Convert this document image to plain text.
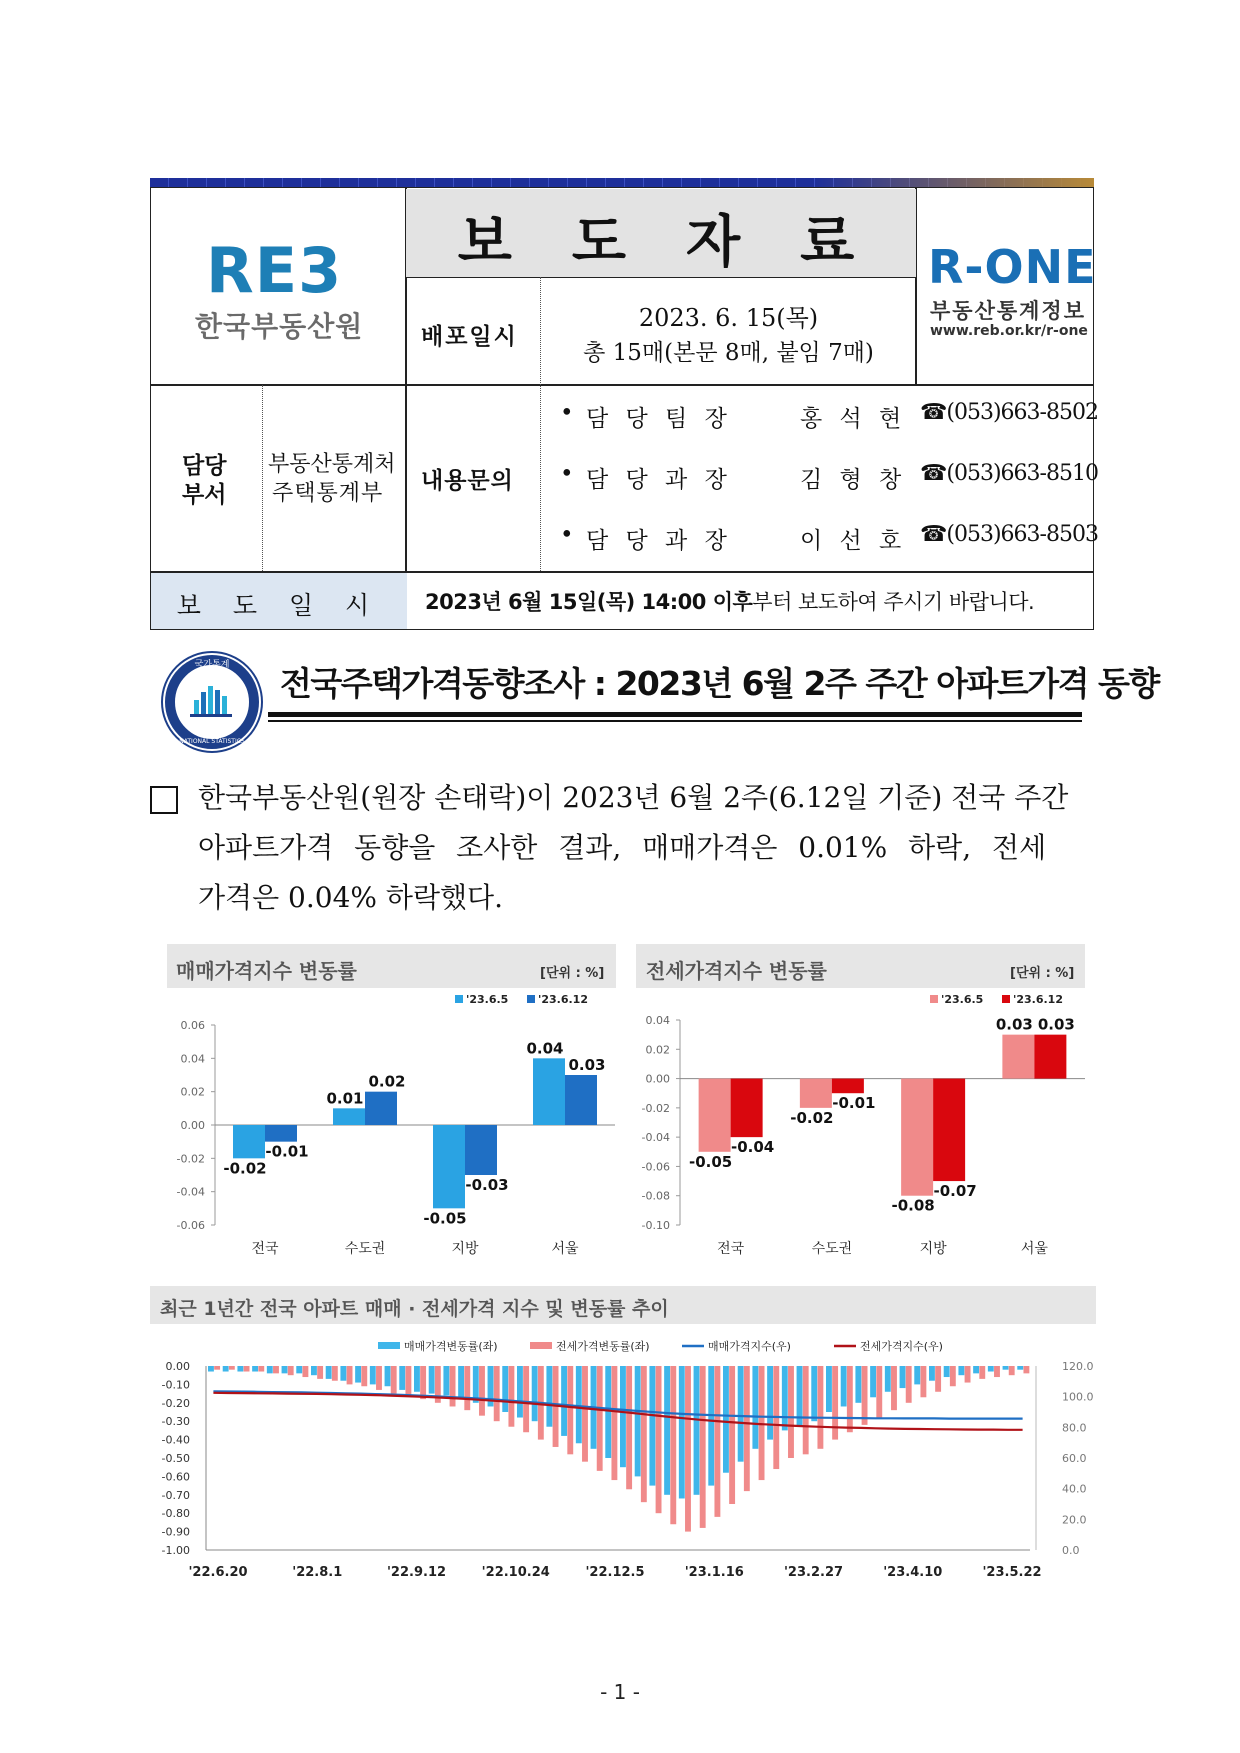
RE3
한국부동산원
보도자료 R-ONE
부동산통계정보
www.reb.or.kr/r-one
배포일시
2023. 6. 15(목)
총 15매(본문 8매, 붙임 7매)
담당
부서
부동산통계처
주택통계부 내용문의
• 담 당 팀 장	홍 석 현 ☎(053)663-8502
• 담 당 과 장	김 형 창 ☎(053)663-8510
• 담 당 과 장	이 선 호 ☎(053)663-8503
보 도 일 시	2023년 6월 15일(목) 14:00 이후부터 보도하여 주시기 바랍니다.
국가통계
NATIONAL STATISTICS
전국주택가격동향조사 : 2023년 6월 2주 주간 아파트가격 동향
한국부동산원(원장 손태락)이 2023년 6월 2주(6.12일 기준) 전국 주간
아파트가격 동향을 조사한 결과, 매매가격은 0.01% 하락, 전세
가격은 0.04% 하락했다.
매매가격지수 변동률	[단위 : %]
0.06
0.04
0.02
0.00
-0.02
-0.04
-0.06
-0.02
-0.01
전국
0.01
0.02
수도권
-0.05
-0.03
지방
0.04
0.03
서울
'23.6.5	'23.6.12
전세가격지수 변동률	[단위 : %]
0.04
0.02
0.00
-0.02
-0.04
-0.06
-0.08
-0.10
-0.05
-0.04
전국
-0.02
-0.01
수도권
-0.08
-0.07
지방
0.03 0.03
서울
'23.6.5	'23.6.12
최근 1년간 전국 아파트 매매 · 전세가격 지수 및 변동률 추이
매매가격변동률(좌)	전세가격변동률(좌)	매매가격지수(우)	전세가격지수(우)
0.00
-0.10
-0.20
-0.30
-0.40
-0.50
-0.60
-0.70
-0.80
-0.90
-1.00
120.0
100.0
80.0
60.0
40.0
20.0
0.0
'22.6.20	'22.8.1	'22.9.12	'22.10.24	'22.12.5	'23.1.16	'23.2.27	'23.4.10	'23.5.22
- 1 -
